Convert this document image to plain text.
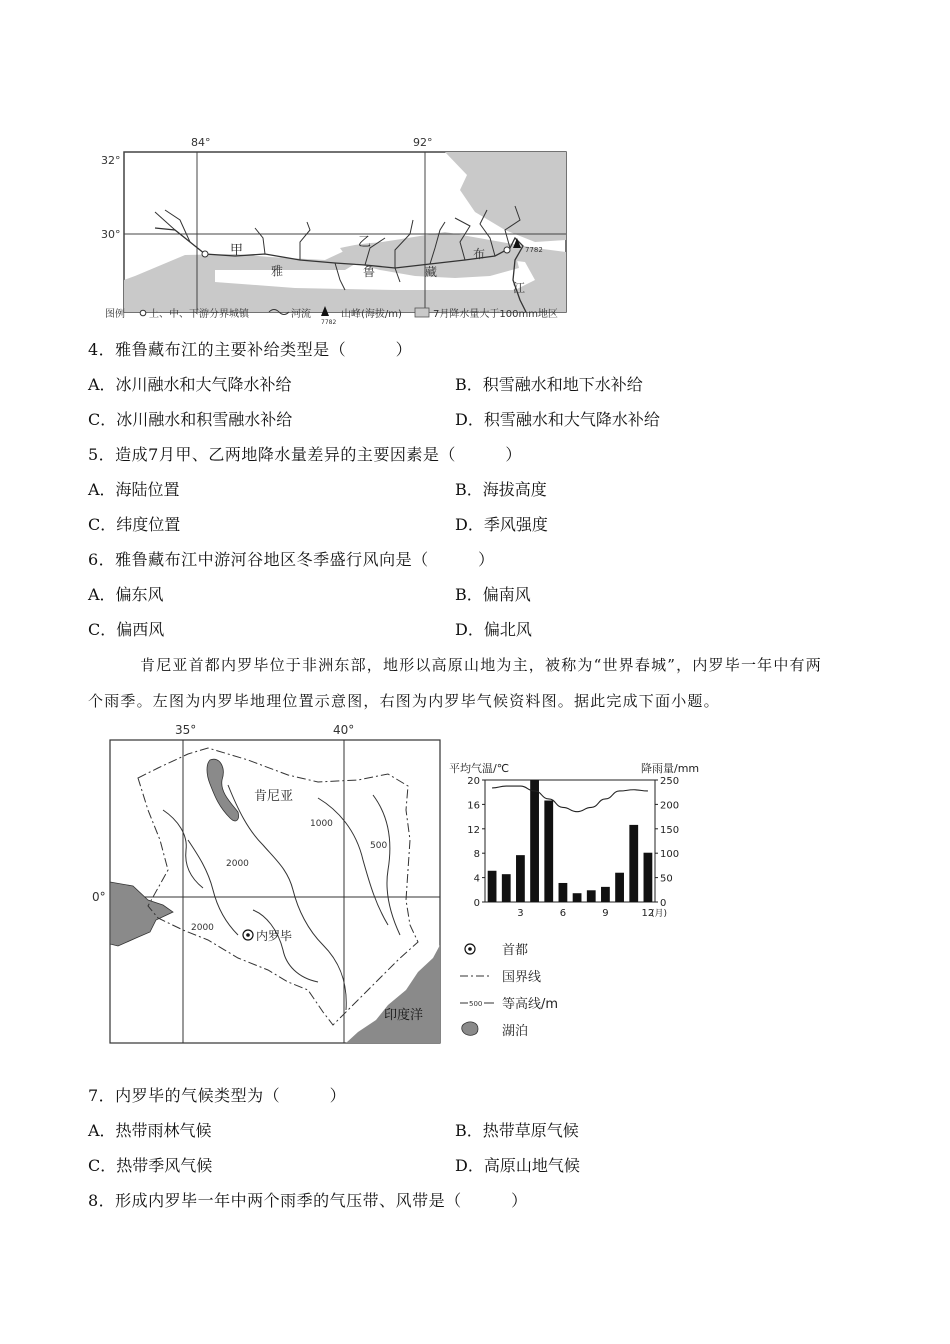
7782
84°	92°
32°
30°
甲
乙
雅	鲁	藏
布
江
图例 上、中、下游分界城镇	河流
7782
山峰(海拔/m)	7月降水量大于100mm地区
4．雅鲁藏布江的主要补给类型是（　　　）
A．冰川融水和大气降水补给	B．积雪融水和地下水补给
C．冰川融水和积雪融水补给	D．积雪融水和大气降水补给
5．造成7月甲、乙两地降水量差异的主要因素是（　　　）
A．海陆位置	B．海拔高度
C．纬度位置	D．季风强度
6．雅鲁藏布江中游河谷地区冬季盛行风向是（　　　）
A．偏东风	B．偏南风
C．偏西风	D．偏北风
肯尼亚首都内罗毕位于非洲东部，地形以高原山地为主，被称为“世界春城”，内罗毕一年中有两
个雨季。左图为内罗毕地理位置示意图，右图为内罗毕气候资料图。据此完成下面小题。
35°	40°
0°
肯尼亚
内罗毕
印度洋
1000
500
2000
2000
20	250
16	200
12	150
8	100
4	50
0	0
3	6	9	12
(月)
平均气温/℃	降雨量/mm
500
首都
国界线
等高线/m
湖泊
7．内罗毕的气候类型为（　　　）
A．热带雨林气候	B．热带草原气候
C．热带季风气候	D．高原山地气候
8．形成内罗毕一年中两个雨季的气压带、风带是（　　　）
